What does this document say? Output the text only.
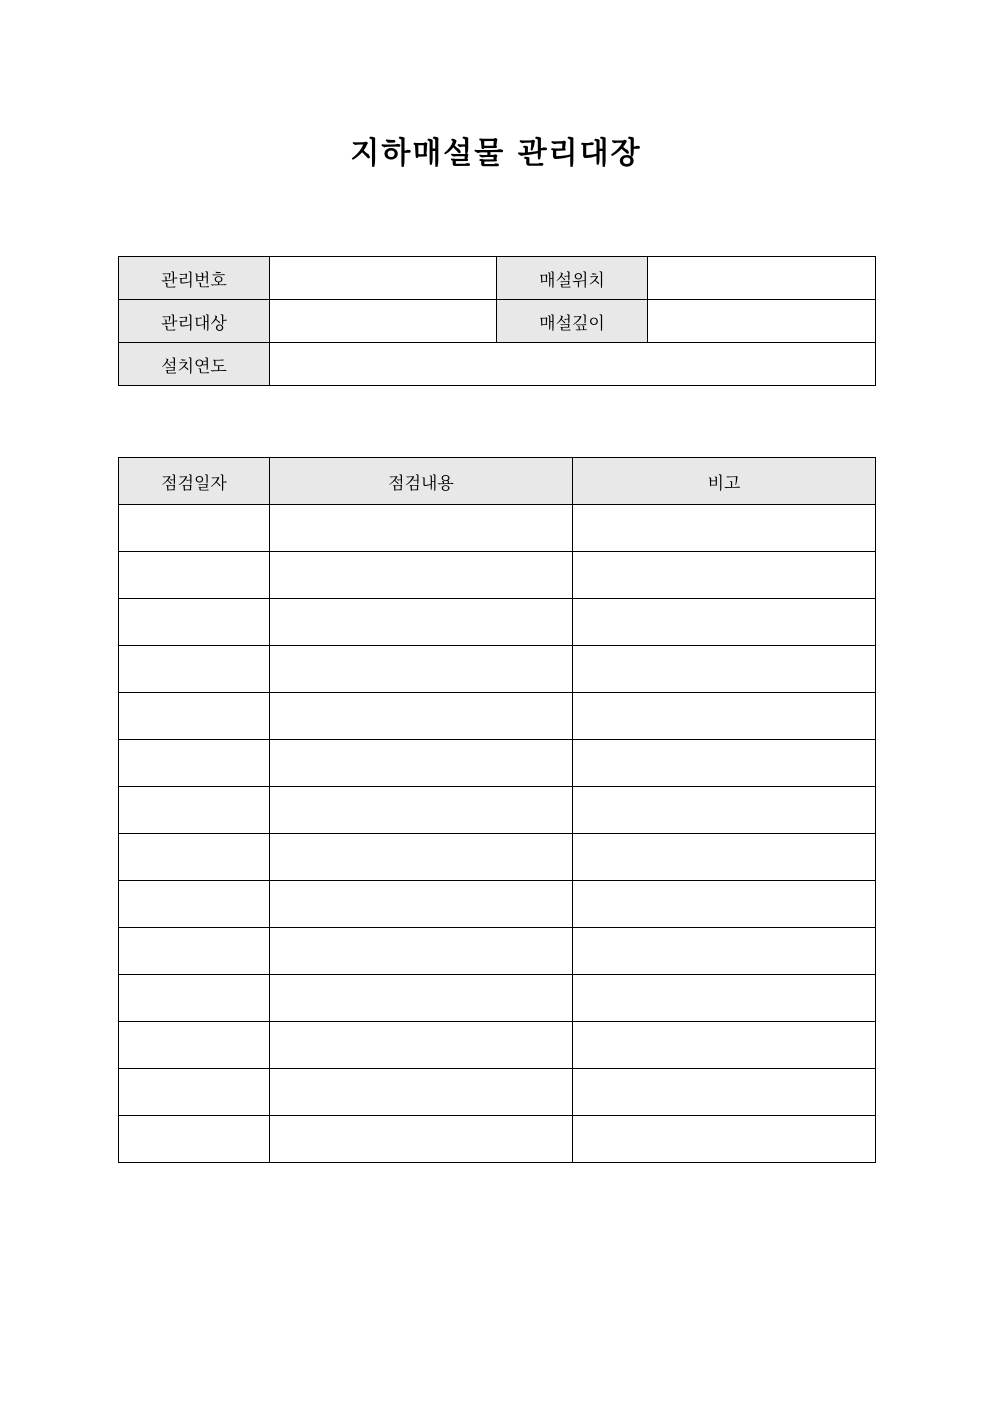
지하매설물 관리대장
관리번호		매설위치	
관리대상		매설깊이	
설치연도			
점검일자	점검내용	비고
